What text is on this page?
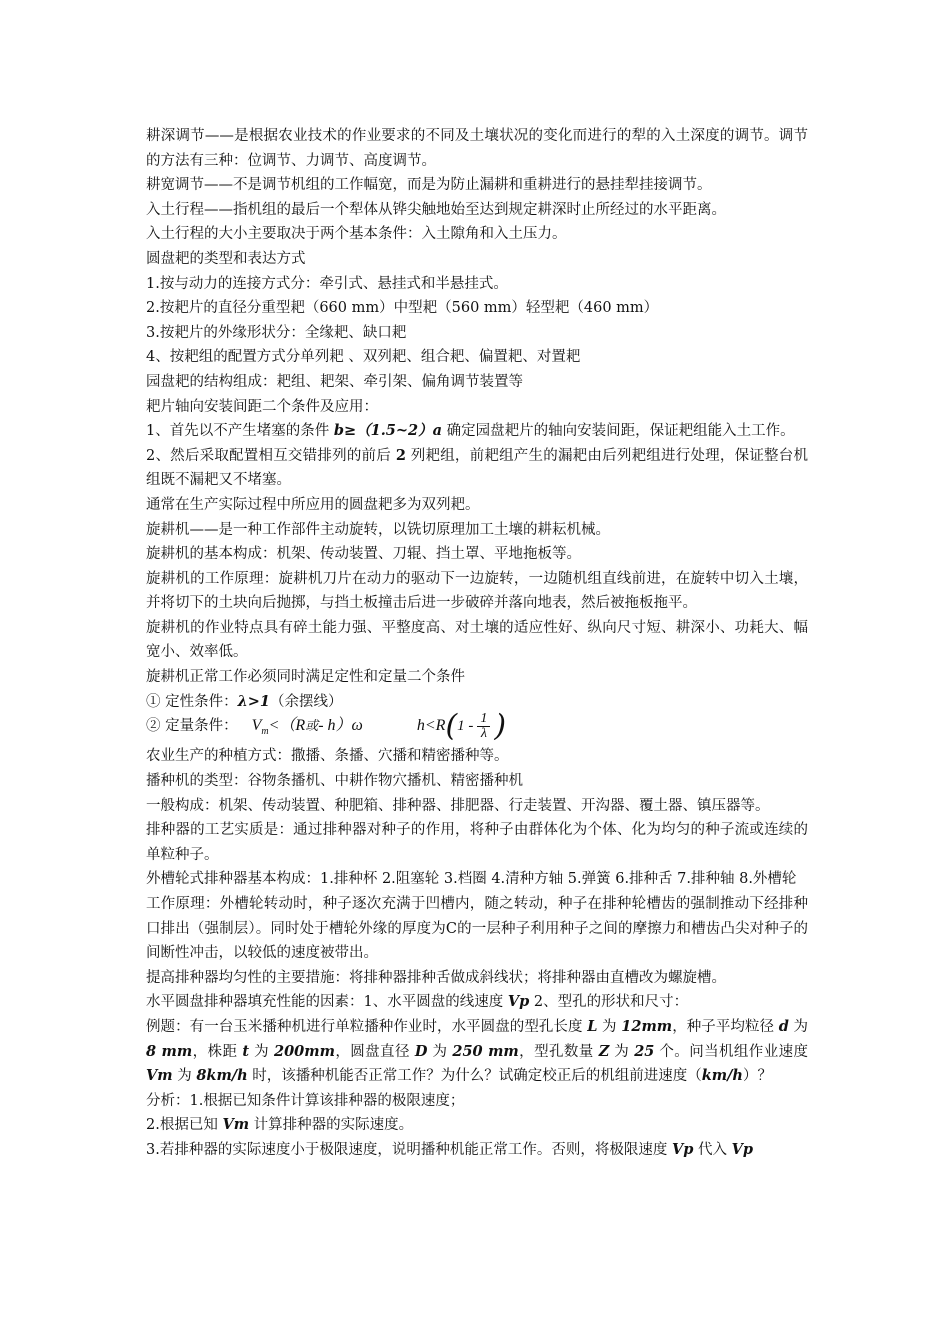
耕深调节——是根据农业技术的作业要求的不同及土壤状况的变化而进行的犁的入土深度的调节。调节的方法有三种：位调节、力调节、高度调节。

耕宽调节——不是调节机组的工作幅宽，而是为防止漏耕和重耕进行的悬挂犁挂接调节。

入土行程——指机组的最后一个犁体从铧尖触地始至达到规定耕深时止所经过的水平距离。

入土行程的大小主要取决于两个基本条件：入土隙角和入土压力。

圆盘耙的类型和表达方式

1.按与动力的连接方式分：牵引式、悬挂式和半悬挂式。

2.按耙片的直径分重型耙（660 mm）中型耙（560 mm）轻型耙（460 mm）

3.按耙片的外缘形状分：全缘耙、缺口耙

4、按耙组的配置方式分单列耙 、双列耙、组合耙、偏置耙、对置耙

园盘耙的结构组成：耙组、耙架、牵引架、偏角调节装置等

耙片轴向安装间距二个条件及应用：

1、首先以不产生堵塞的条件 b≥（1.5~2）a 确定园盘耙片的轴向安装间距，保证耙组能入土工作。

2、然后采取配置相互交错排列的前后 2 列耙组，前耙组产生的漏耙由后列耙组进行处理，保证整台机组既不漏耙又不堵塞。

通常在生产实际过程中所应用的圆盘耙多为双列耙。

旋耕机——是一种工作部件主动旋转，以铣切原理加工土壤的耕耘机械。

旋耕机的基本构成：机架、传动装置、刀辊、挡土罩、平地拖板等。

旋耕机的工作原理：旋耕机刀片在动力的驱动下一边旋转，一边随机组直线前进，在旋转中切入土壤，并将切下的土块向后抛掷，与挡土板撞击后进一步破碎并落向地表，然后被拖板拖平。

旋耕机的作业特点具有碎土能力强、平整度高、对土壤的适应性好、纵向尺寸短、耕深小、功耗大、幅宽小、效率低。

旋耕机正常工作必须同时满足定性和定量二个条件

① 定性条件：λ>1（余摆线）

② 定量条件： $V_m<(R$或- h）ω	$h<R(1 - \frac{1}{\lambda}$ )

农业生产的种植方式：撒播、条播、穴播和精密播种等。

播种机的类型：谷物条播机、中耕作物穴播机、精密播种机

一般构成：机架、传动装置、种肥箱、排种器、排肥器、行走装置、开沟器、覆土器、镇压器等。

排种器的工艺实质是：通过排种器对种子的作用，将种子由群体化为个体、化为均匀的种子流或连续的单粒种子。

外槽轮式排种器基本构成：1.排种杯 2.阻塞轮 3.档圈 4.清种方轴 5.弹簧 6.排种舌 7.排种轴 8.外槽轮

工作原理：外槽轮转动时，种子逐次充满于凹槽内，随之转动，种子在排种轮槽齿的强制推动下经排种口排出（强制层）。同时处于槽轮外缘的厚度为C的一层种子利用种子之间的摩擦力和槽齿凸尖对种子的间断性冲击，以较低的速度被带出。

提高排种器均匀性的主要措施：将排种器排种舌做成斜线状；将排种器由直槽改为螺旋槽。

水平圆盘排种器填充性能的因素：1、水平圆盘的线速度 Vp 2、型孔的形状和尺寸：

例题：有一台玉米播种机进行单粒播种作业时，水平圆盘的型孔长度 L 为 12mm，种子平均粒径 d 为 8 mm，株距 t 为 200mm，圆盘直径 D 为 250 mm，型孔数量 Z 为 25 个。问当机组作业速度 Vm 为 8km/h 时，该播种机能否正常工作？为什么？试确定校正后的机组前进速度（km/h）？

分析：1.根据已知条件计算该排种器的极限速度；

2.根据已知 Vm 计算排种器的实际速度。

3.若排种器的实际速度小于极限速度，说明播种机能正常工作。否则，将极限速度 Vp 代入 Vp
